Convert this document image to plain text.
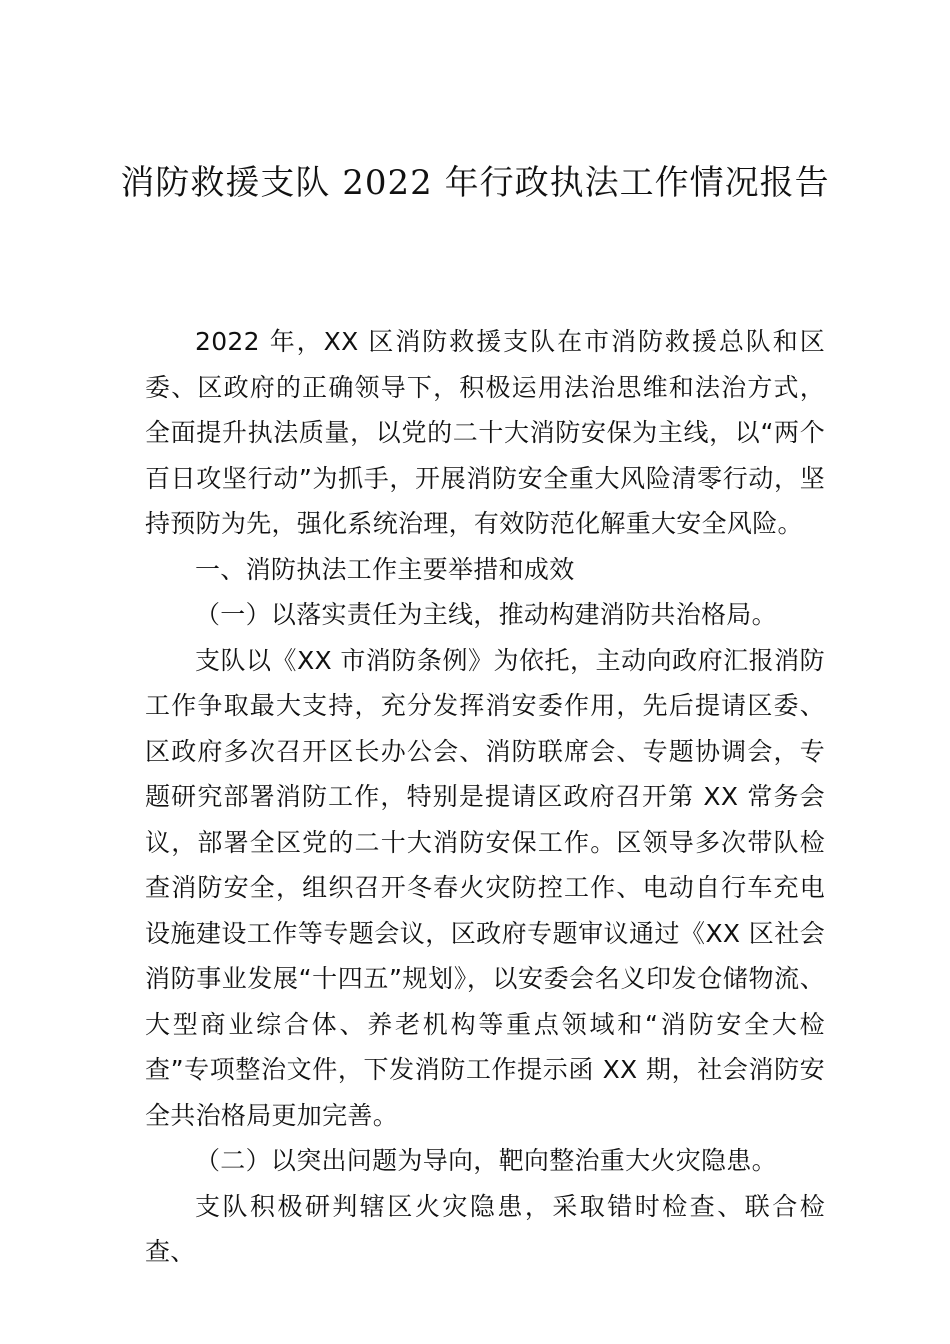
消防救援支队 2022 年行政执法工作情况报告

2022 年，XX 区消防救援支队在市消防救援总队和区委、区政府的正确领导下，积极运用法治思维和法治方式，全面提升执法质量，以党的二十大消防安保为主线，以“两个百日攻坚行动”为抓手，开展消防安全重大风险清零行动，坚持预防为先，强化系统治理，有效防范化解重大安全风险。

一、消防执法工作主要举措和成效

（一）以落实责任为主线，推动构建消防共治格局。

支队以《XX 市消防条例》为依托，主动向政府汇报消防工作争取最大支持，充分发挥消安委作用，先后提请区委、区政府多次召开区长办公会、消防联席会、专题协调会，专题研究部署消防工作，特别是提请区政府召开第 XX 常务会议，部署全区党的二十大消防安保工作。区领导多次带队检查消防安全，组织召开冬春火灾防控工作、电动自行车充电设施建设工作等专题会议，区政府专题审议通过《XX 区社会消防事业发展“十四五”规划》，以安委会名义印发仓储物流、大型商业综合体、养老机构等重点领域和“消防安全大检查”专项整治文件，下发消防工作提示函 XX 期，社会消防安全共治格局更加完善。

（二）以突出问题为导向，靶向整治重大火灾隐患。

支队积极研判辖区火灾隐患，采取错时检查、联合检查、
